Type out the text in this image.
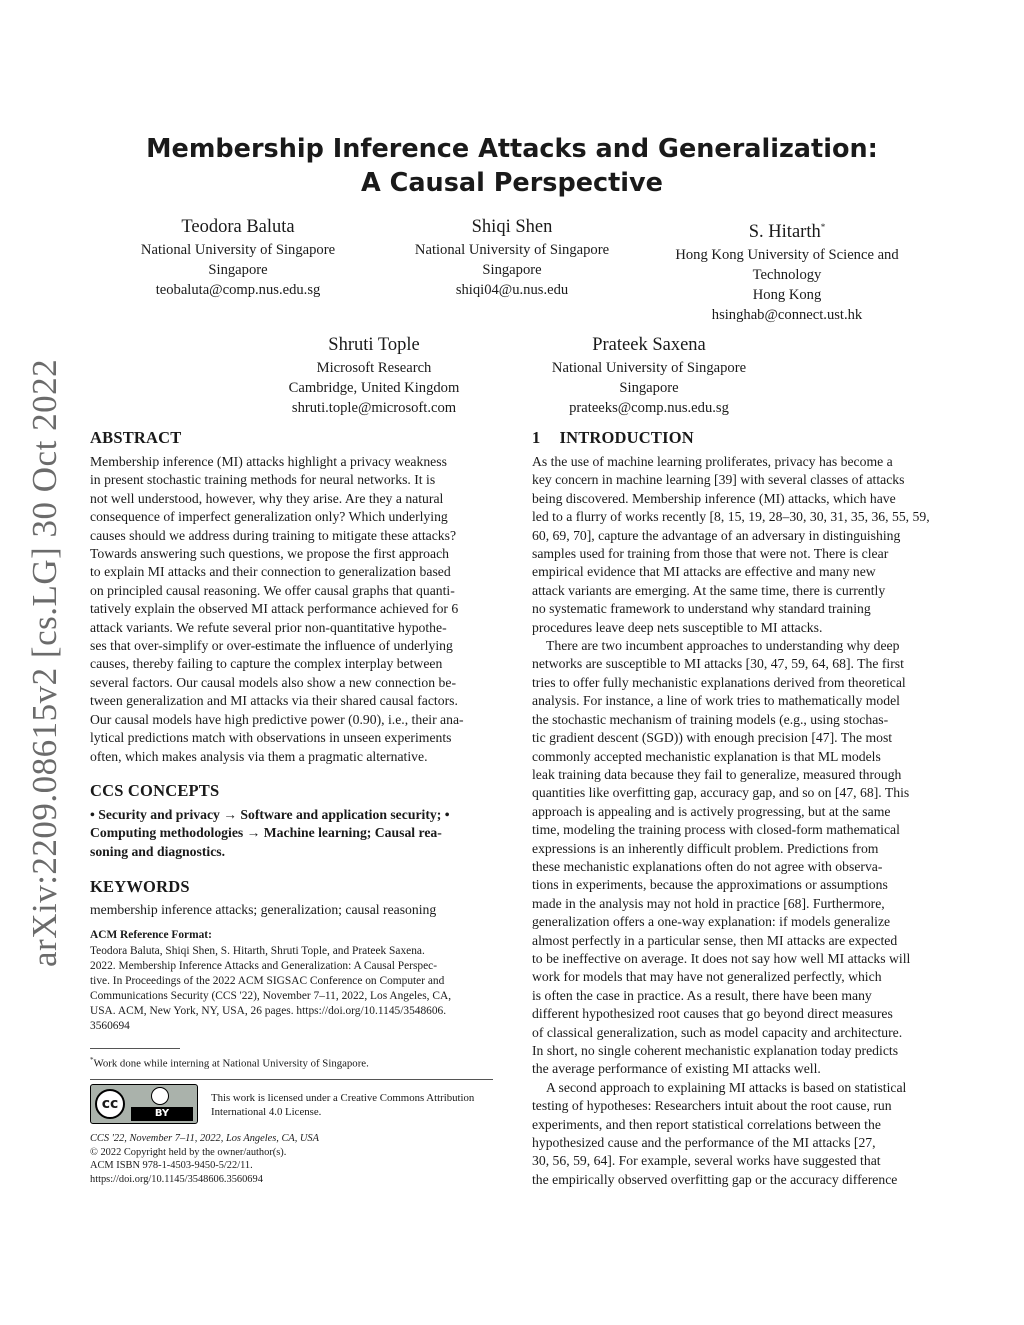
arXiv:2209.08615v2 [cs.LG] 30 Oct 2022
Membership Inference Attacks and Generalization:
A Causal Perspective
Teodora Baluta
National University of Singapore
Singapore
teobaluta@comp.nus.edu.sg
Shiqi Shen
National University of Singapore
Singapore
shiqi04@u.nus.edu
S. Hitarth*
Hong Kong University of Science and
Technology
Hong Kong
hsinghab@connect.ust.hk
Shruti Tople
Microsoft Research
Cambridge, United Kingdom
shruti.tople@microsoft.com
Prateek Saxena
National University of Singapore
Singapore
prateeks@comp.nus.edu.sg
ABSTRACT
Membership inference (MI) attacks highlight a privacy weakness
in present stochastic training methods for neural networks. It is
not well understood, however, why they arise. Are they a natural
consequence of imperfect generalization only? Which underlying
causes should we address during training to mitigate these attacks?
Towards answering such questions, we propose the first approach
to explain MI attacks and their connection to generalization based
on principled causal reasoning. We offer causal graphs that quanti-
tatively explain the observed MI attack performance achieved for 6
attack variants. We refute several prior non-quantitative hypothe-
ses that over-simplify or over-estimate the influence of underlying
causes, thereby failing to capture the complex interplay between
several factors. Our causal models also show a new connection be-
tween generalization and MI attacks via their shared causal factors.
Our causal models have high predictive power (0.90), i.e., their ana-
lytical predictions match with observations in unseen experiments
often, which makes analysis via them a pragmatic alternative.
CCS CONCEPTS
• Security and privacy → Software and application security; •
Computing methodologies → Machine learning; Causal rea-
soning and diagnostics.
KEYWORDS
membership inference attacks; generalization; causal reasoning
ACM Reference Format:
Teodora Baluta, Shiqi Shen, S. Hitarth, Shruti Tople, and Prateek Saxena.
2022. Membership Inference Attacks and Generalization: A Causal Perspec-
tive. In Proceedings of the 2022 ACM SIGSAC Conference on Computer and
Communications Security (CCS '22), November 7–11, 2022, Los Angeles, CA,
USA. ACM, New York, NY, USA, 26 pages. https://doi.org/10.1145/3548606.
3560694
*Work done while interning at National University of Singapore.
cc
BY
This work is licensed under a Creative Commons Attribution
International 4.0 License.
CCS '22, November 7–11, 2022, Los Angeles, CA, USA
© 2022 Copyright held by the owner/author(s).
ACM ISBN 978-1-4503-9450-5/22/11.
https://doi.org/10.1145/3548606.3560694
1 INTRODUCTION
As the use of machine learning proliferates, privacy has become a
key concern in machine learning [39] with several classes of attacks
being discovered. Membership inference (MI) attacks, which have
led to a flurry of works recently [8, 15, 19, 28–30, 30, 31, 35, 36, 55, 59,
60, 69, 70], capture the advantage of an adversary in distinguishing
samples used for training from those that were not. There is clear
empirical evidence that MI attacks are effective and many new
attack variants are emerging. At the same time, there is currently
no systematic framework to understand why standard training
procedures leave deep nets susceptible to MI attacks.
There are two incumbent approaches to understanding why deep
networks are susceptible to MI attacks [30, 47, 59, 64, 68]. The first
tries to offer fully mechanistic explanations derived from theoretical
analysis. For instance, a line of work tries to mathematically model
the stochastic mechanism of training models (e.g., using stochas-
tic gradient descent (SGD)) with enough precision [47]. The most
commonly accepted mechanistic explanation is that ML models
leak training data because they fail to generalize, measured through
quantities like overfitting gap, accuracy gap, and so on [47, 68]. This
approach is appealing and is actively progressing, but at the same
time, modeling the training process with closed-form mathematical
expressions is an inherently difficult problem. Predictions from
these mechanistic explanations often do not agree with observa-
tions in experiments, because the approximations or assumptions
made in the analysis may not hold in practice [68]. Furthermore,
generalization offers a one-way explanation: if models generalize
almost perfectly in a particular sense, then MI attacks are expected
to be ineffective on average. It does not say how well MI attacks will
work for models that may have not generalized perfectly, which
is often the case in practice. As a result, there have been many
different hypothesized root causes that go beyond direct measures
of classical generalization, such as model capacity and architecture.
In short, no single coherent mechanistic explanation today predicts
the average performance of existing MI attacks well.
A second approach to explaining MI attacks is based on statistical
testing of hypotheses: Researchers intuit about the root cause, run
experiments, and then report statistical correlations between the
hypothesized cause and the performance of the MI attacks [27,
30, 56, 59, 64]. For example, several works have suggested that
the empirically observed overfitting gap or the accuracy difference
